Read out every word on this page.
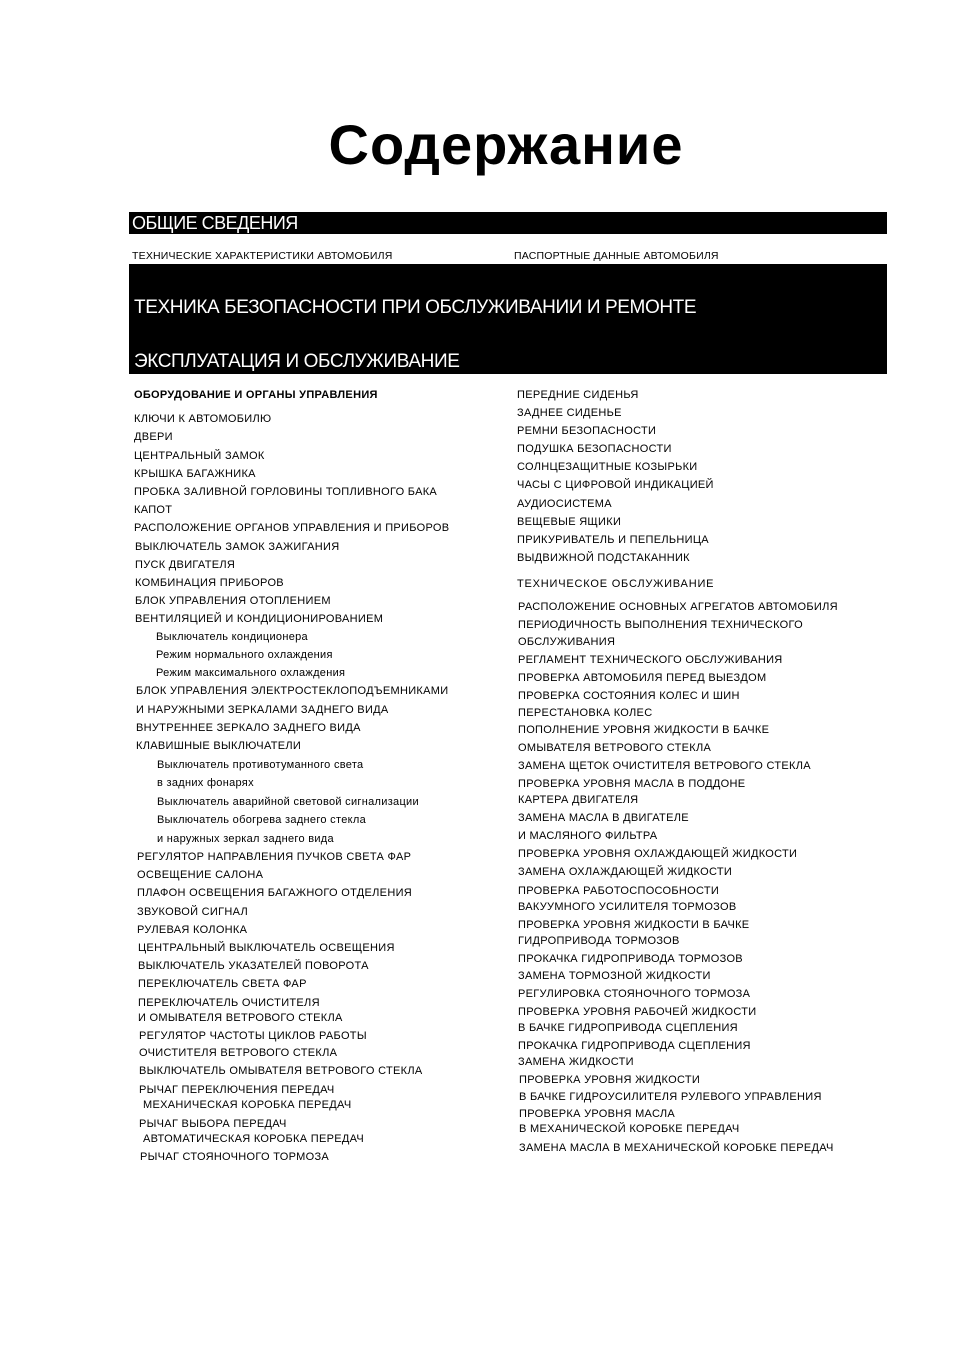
Содержание
ОБЩИЕ СВЕДЕНИЯ
ТЕХНИЧЕСКИЕ ХАРАКТЕРИСТИКИ АВТОМОБИЛЯ	ПАСПОРТНЫЕ ДАННЫЕ АВТОМОБИЛЯ
ТЕХНИКА БЕЗОПАСНОСТИ ПРИ ОБСЛУЖИВАНИИ И РЕМОНТЕ
ЭКСПЛУАТАЦИЯ И ОБСЛУЖИВАНИЕ
ОБОРУДОВАНИЕ И ОРГАНЫ УПРАВЛЕНИЯ
КЛЮЧИ К АВТОМОБИЛЮ
ДВЕРИ
ЦЕНТРАЛЬНЫЙ ЗАМОК
КРЫШКА БАГАЖНИКА
ПРОБКА ЗАЛИВНОЙ ГОРЛОВИНЫ ТОПЛИВНОГО БАКА
КАПОТ
РАСПОЛОЖЕНИЕ ОРГАНОВ УПРАВЛЕНИЯ И ПРИБОРОВ
ВЫКЛЮЧАТЕЛЬ ЗАМОК ЗАЖИГАНИЯ
ПУСК ДВИГАТЕЛЯ
КОМБИНАЦИЯ ПРИБОРОВ
БЛОК УПРАВЛЕНИЯ ОТОПЛЕНИЕМ
ВЕНТИЛЯЦИЕЙ И КОНДИЦИОНИРОВАНИЕМ
Выключатель кондиционера
Режим нормального охлаждения
Режим максимального охлаждения
БЛОК УПРАВЛЕНИЯ ЭЛЕКТРОСТЕКЛОПОДЪЕМНИКАМИ
И НАРУЖНЫМИ ЗЕРКАЛАМИ ЗАДНЕГО ВИДА
ВНУТРЕННЕЕ ЗЕРКАЛО ЗАДНЕГО ВИДА
КЛАВИШНЫЕ ВЫКЛЮЧАТЕЛИ
Выключатель противотуманного света
в задних фонарях
Выключатель аварийной световой сигнализации
Выключатель обогрева заднего стекла
и наружных зеркал заднего вида
РЕГУЛЯТОР НАПРАВЛЕНИЯ ПУЧКОВ СВЕТА ФАР
ОСВЕЩЕНИЕ САЛОНА
ПЛАФОН ОСВЕЩЕНИЯ БАГАЖНОГО ОТДЕЛЕНИЯ
ЗВУКОВОЙ СИГНАЛ
РУЛЕВАЯ КОЛОНКА
ЦЕНТРАЛЬНЫЙ ВЫКЛЮЧАТЕЛЬ ОСВЕЩЕНИЯ
ВЫКЛЮЧАТЕЛЬ УКАЗАТЕЛЕЙ ПОВОРОТА
ПЕРЕКЛЮЧАТЕЛЬ СВЕТА ФАР
ПЕРЕКЛЮЧАТЕЛЬ ОЧИСТИТЕЛЯ
И ОМЫВАТЕЛЯ ВЕТРОВОГО СТЕКЛА
РЕГУЛЯТОР ЧАСТОТЫ ЦИКЛОВ РАБОТЫ
ОЧИСТИТЕЛЯ ВЕТРОВОГО СТЕКЛА
ВЫКЛЮЧАТЕЛЬ ОМЫВАТЕЛЯ ВЕТРОВОГО СТЕКЛА
РЫЧАГ ПЕРЕКЛЮЧЕНИЯ ПЕРЕДАЧ
МЕХАНИЧЕСКАЯ КОРОБКА ПЕРЕДАЧ
РЫЧАГ ВЫБОРА ПЕРЕДАЧ
АВТОМАТИЧЕСКАЯ КОРОБКА ПЕРЕДАЧ
РЫЧАГ СТОЯНОЧНОГО ТОРМОЗА
ПЕРЕДНИЕ СИДЕНЬЯ
ЗАДНЕЕ СИДЕНЬЕ
РЕМНИ БЕЗОПАСНОСТИ
ПОДУШКА БЕЗОПАСНОСТИ
СОЛНЦЕЗАЩИТНЫЕ КОЗЫРЬКИ
ЧАСЫ С ЦИФРОВОЙ ИНДИКАЦИЕЙ
АУДИОСИСТЕМА
ВЕЩЕВЫЕ ЯЩИКИ
ПРИКУРИВАТЕЛЬ И ПЕПЕЛЬНИЦА
ВЫДВИЖНОЙ ПОДСТАКАННИК
ТЕХНИЧЕСКОЕ ОБСЛУЖИВАНИЕ
РАСПОЛОЖЕНИЕ ОСНОВНЫХ АГРЕГАТОВ АВТОМОБИЛЯ
ПЕРИОДИЧНОСТЬ ВЫПОЛНЕНИЯ ТЕХНИЧЕСКОГО
ОБСЛУЖИВАНИЯ
РЕГЛАМЕНТ ТЕХНИЧЕСКОГО ОБСЛУЖИВАНИЯ
ПРОВЕРКА АВТОМОБИЛЯ ПЕРЕД ВЫЕЗДОМ
ПРОВЕРКА СОСТОЯНИЯ КОЛЕС И ШИН
ПЕРЕСТАНОВКА КОЛЕС
ПОПОЛНЕНИЕ УРОВНЯ ЖИДКОСТИ В БАЧКЕ
ОМЫВАТЕЛЯ ВЕТРОВОГО СТЕКЛА
ЗАМЕНА ЩЕТОК ОЧИСТИТЕЛЯ ВЕТРОВОГО СТЕКЛА
ПРОВЕРКА УРОВНЯ МАСЛА В ПОДДОНЕ
КАРТЕРА ДВИГАТЕЛЯ
ЗАМЕНА МАСЛА В ДВИГАТЕЛЕ
И МАСЛЯНОГО ФИЛЬТРА
ПРОВЕРКА УРОВНЯ ОХЛАЖДАЮЩЕЙ ЖИДКОСТИ
ЗАМЕНА ОХЛАЖДАЮЩЕЙ ЖИДКОСТИ
ПРОВЕРКА РАБОТОСПОСОБНОСТИ
ВАКУУМНОГО УСИЛИТЕЛЯ ТОРМОЗОВ
ПРОВЕРКА УРОВНЯ ЖИДКОСТИ В БАЧКЕ
ГИДРОПРИВОДА ТОРМОЗОВ
ПРОКАЧКА ГИДРОПРИВОДА ТОРМОЗОВ
ЗАМЕНА ТОРМОЗНОЙ ЖИДКОСТИ
РЕГУЛИРОВКА СТОЯНОЧНОГО ТОРМОЗА
ПРОВЕРКА УРОВНЯ РАБОЧЕЙ ЖИДКОСТИ
В БАЧКЕ ГИДРОПРИВОДА СЦЕПЛЕНИЯ
ПРОКАЧКА ГИДРОПРИВОДА СЦЕПЛЕНИЯ
ЗАМЕНА ЖИДКОСТИ
ПРОВЕРКА УРОВНЯ ЖИДКОСТИ
В БАЧКЕ ГИДРОУСИЛИТЕЛЯ РУЛЕВОГО УПРАВЛЕНИЯ
ПРОВЕРКА УРОВНЯ МАСЛА
В МЕХАНИЧЕСКОЙ КОРОБКЕ ПЕРЕДАЧ
ЗАМЕНА МАСЛА В МЕХАНИЧЕСКОЙ КОРОБКЕ ПЕРЕДАЧ
